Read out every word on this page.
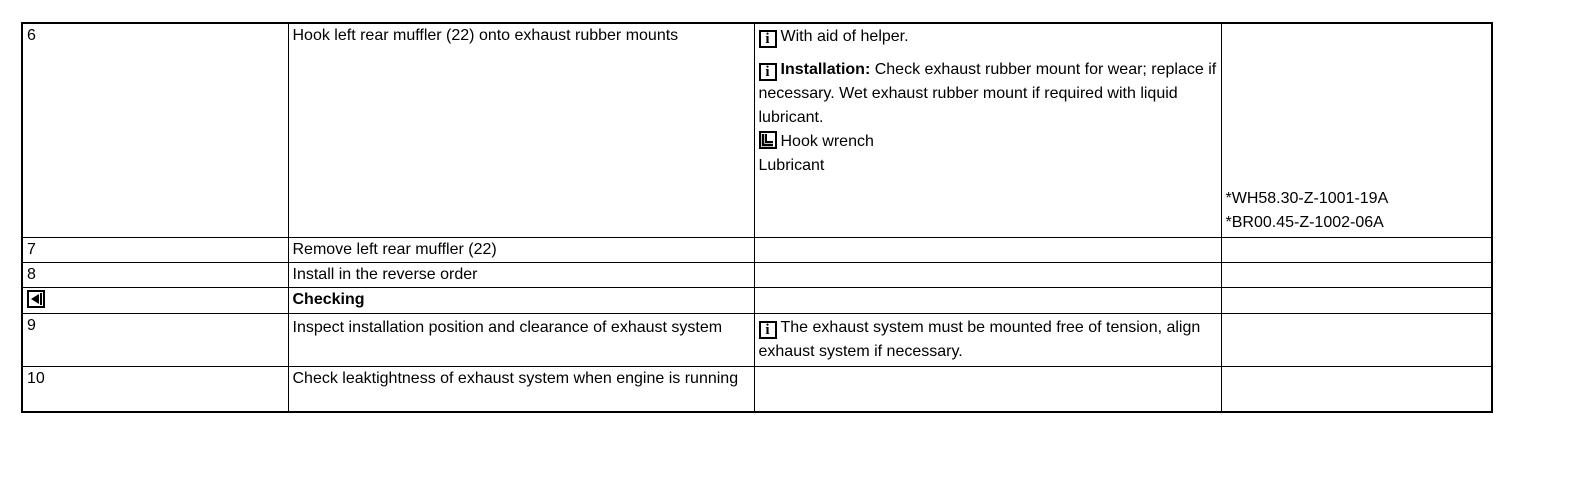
6	Hook left rear muffler (22) onto exhaust rubber mounts	i With aid of helper.
i Installation: Check exhaust rubber mount for wear; replace if necessary. Wet exhaust rubber mount if required with liquid lubricant.
Hook wrench
Lubricant	*WH58.30-Z-1001-19A
*BR00.45-Z-1002-06A

7	Remove left rear muffler (22)		
8	Install in the reverse order		
	Checking		
9	Inspect installation position and clearance of exhaust system	i The exhaust system must be mounted free of tension, align exhaust system if necessary.	
10	Check leaktightness of exhaust system when engine is running		
